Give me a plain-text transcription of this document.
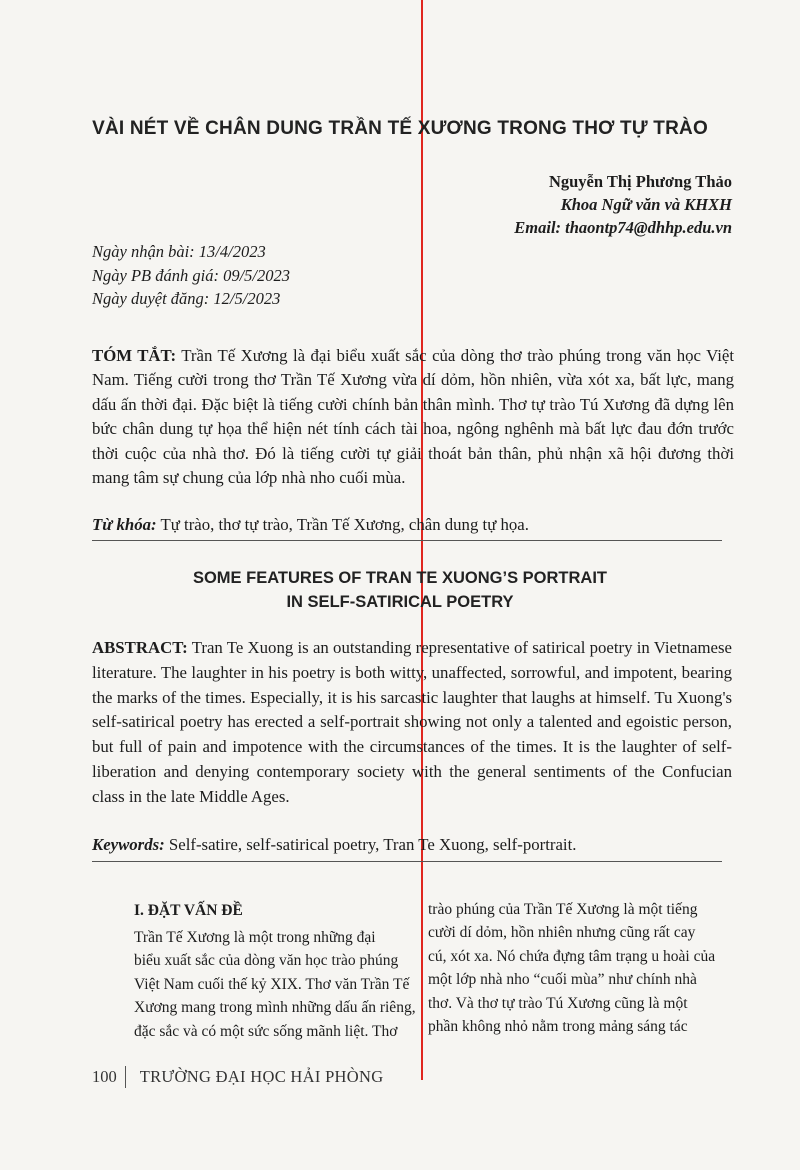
VÀI NÉT VỀ CHÂN DUNG TRẦN TẾ XƯƠNG TRONG THƠ TỰ TRÀO
Nguyễn Thị Phương Thảo
Khoa Ngữ văn và KHXH
Email: thaontp74@dhhp.edu.vn
Ngày nhận bài: 13/4/2023
Ngày PB đánh giá: 09/5/2023
Ngày duyệt đăng: 12/5/2023
TÓM TẮT: Trần Tế Xương là đại biểu xuất sắc của dòng thơ trào phúng trong văn học Việt Nam. Tiếng cười trong thơ Trần Tế Xương vừa dí dỏm, hồn nhiên, vừa xót xa, bất lực, mang dấu ấn thời đại. Đặc biệt là tiếng cười chính bản thân mình. Thơ tự trào Tú Xương đã dựng lên bức chân dung tự họa thể hiện nét tính cách tài hoa, ngông nghênh mà bất lực đau đớn trước thời cuộc của nhà thơ. Đó là tiếng cười tự giải thoát bản thân, phủ nhận xã hội đương thời mang tâm sự chung của lớp nhà nho cuối mùa.
Từ khóa: Tự trào, thơ tự trào, Trần Tế Xương, chân dung tự họa.
SOME FEATURES OF TRAN TE XUONG’S PORTRAIT
IN SELF-SATIRICAL POETRY
ABSTRACT: Tran Te Xuong is an outstanding representative of satirical poetry in Vietnamese literature. The laughter in his poetry is both witty, unaffected, sorrowful, and impotent, bearing the marks of the times. Especially, it is his sarcastic laughter that laughs at himself. Tu Xuong's self-satirical poetry has erected a self-portrait showing not only a talented and egoistic person, but full of pain and impotence with the circumstances of the times. It is the laughter of self-liberation and denying contemporary society with the general sentiments of the Confucian class in the late Middle Ages.
Keywords: Self-satire, self-satirical poetry, Tran Te Xuong, self-portrait.
I. ĐẶT VẤN ĐỀ
Trần Tế Xương là một trong những đại
biểu xuất sắc của dòng văn học trào phúng
Việt Nam cuối thế kỷ XIX. Thơ văn Trần Tế
Xương mang trong mình những dấu ấn riêng,
đặc sắc và có một sức sống mãnh liệt. Thơ
trào phúng của Trần Tế Xương là một tiếng
cười dí dỏm, hồn nhiên nhưng cũng rất cay
cú, xót xa. Nó chứa đựng tâm trạng u hoài của
một lớp nhà nho “cuối mùa” như chính nhà
thơ. Và thơ tự trào Tú Xương cũng là một
phần không nhỏ nằm trong mảng sáng tác
100	TRƯỜNG ĐẠI HỌC HẢI PHÒNG
